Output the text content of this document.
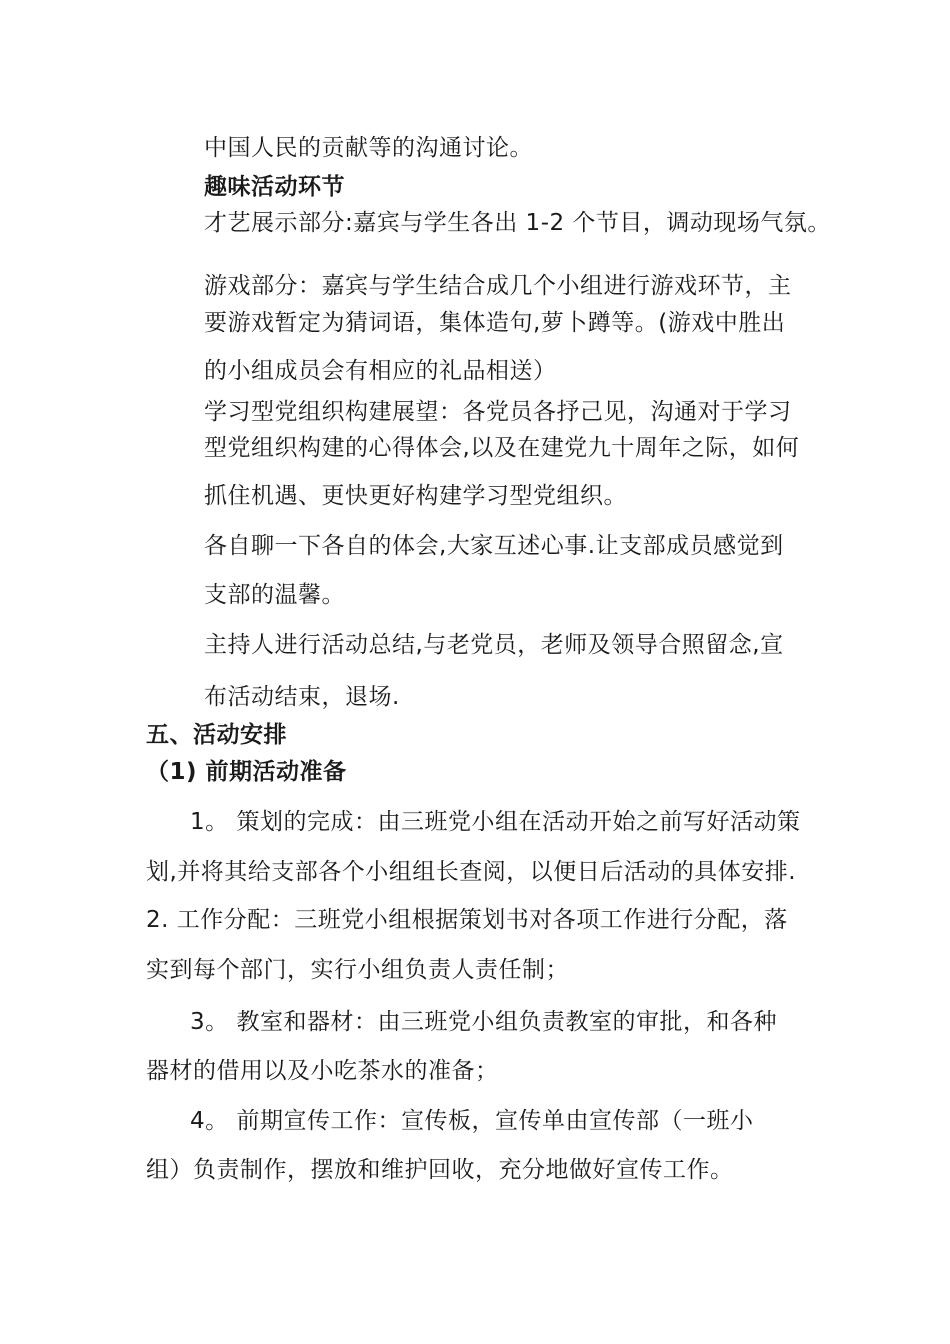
中国人民的贡献等的沟通讨论。
趣味活动环节
才艺展示部分:嘉宾与学生各出 1-2 个节目，调动现场气氛。
游戏部分：嘉宾与学生结合成几个小组进行游戏环节，主
要游戏暂定为猜词语，集体造句,萝卜蹲等。(游戏中胜出
的小组成员会有相应的礼品相送）
学习型党组织构建展望：各党员各抒己见，沟通对于学习
型党组织构建的心得体会,以及在建党九十周年之际，如何
抓住机遇、更快更好构建学习型党组织。
各自聊一下各自的体会,大家互述心事.让支部成员感觉到
支部的温馨。
主持人进行活动总结,与老党员，老师及领导合照留念,宣
布活动结束，退场.
五、活动安排
（1) 前期活动准备
1。 策划的完成：由三班党小组在活动开始之前写好活动策
划,并将其给支部各个小组组长查阅，以便日后活动的具体安排.
2. 工作分配：三班党小组根据策划书对各项工作进行分配，落
实到每个部门，实行小组负责人责任制；
3。 教室和器材：由三班党小组负责教室的审批，和各种
器材的借用以及小吃茶水的准备；
4。 前期宣传工作：宣传板，宣传单由宣传部（一班小
组）负责制作，摆放和维护回收，充分地做好宣传工作。
